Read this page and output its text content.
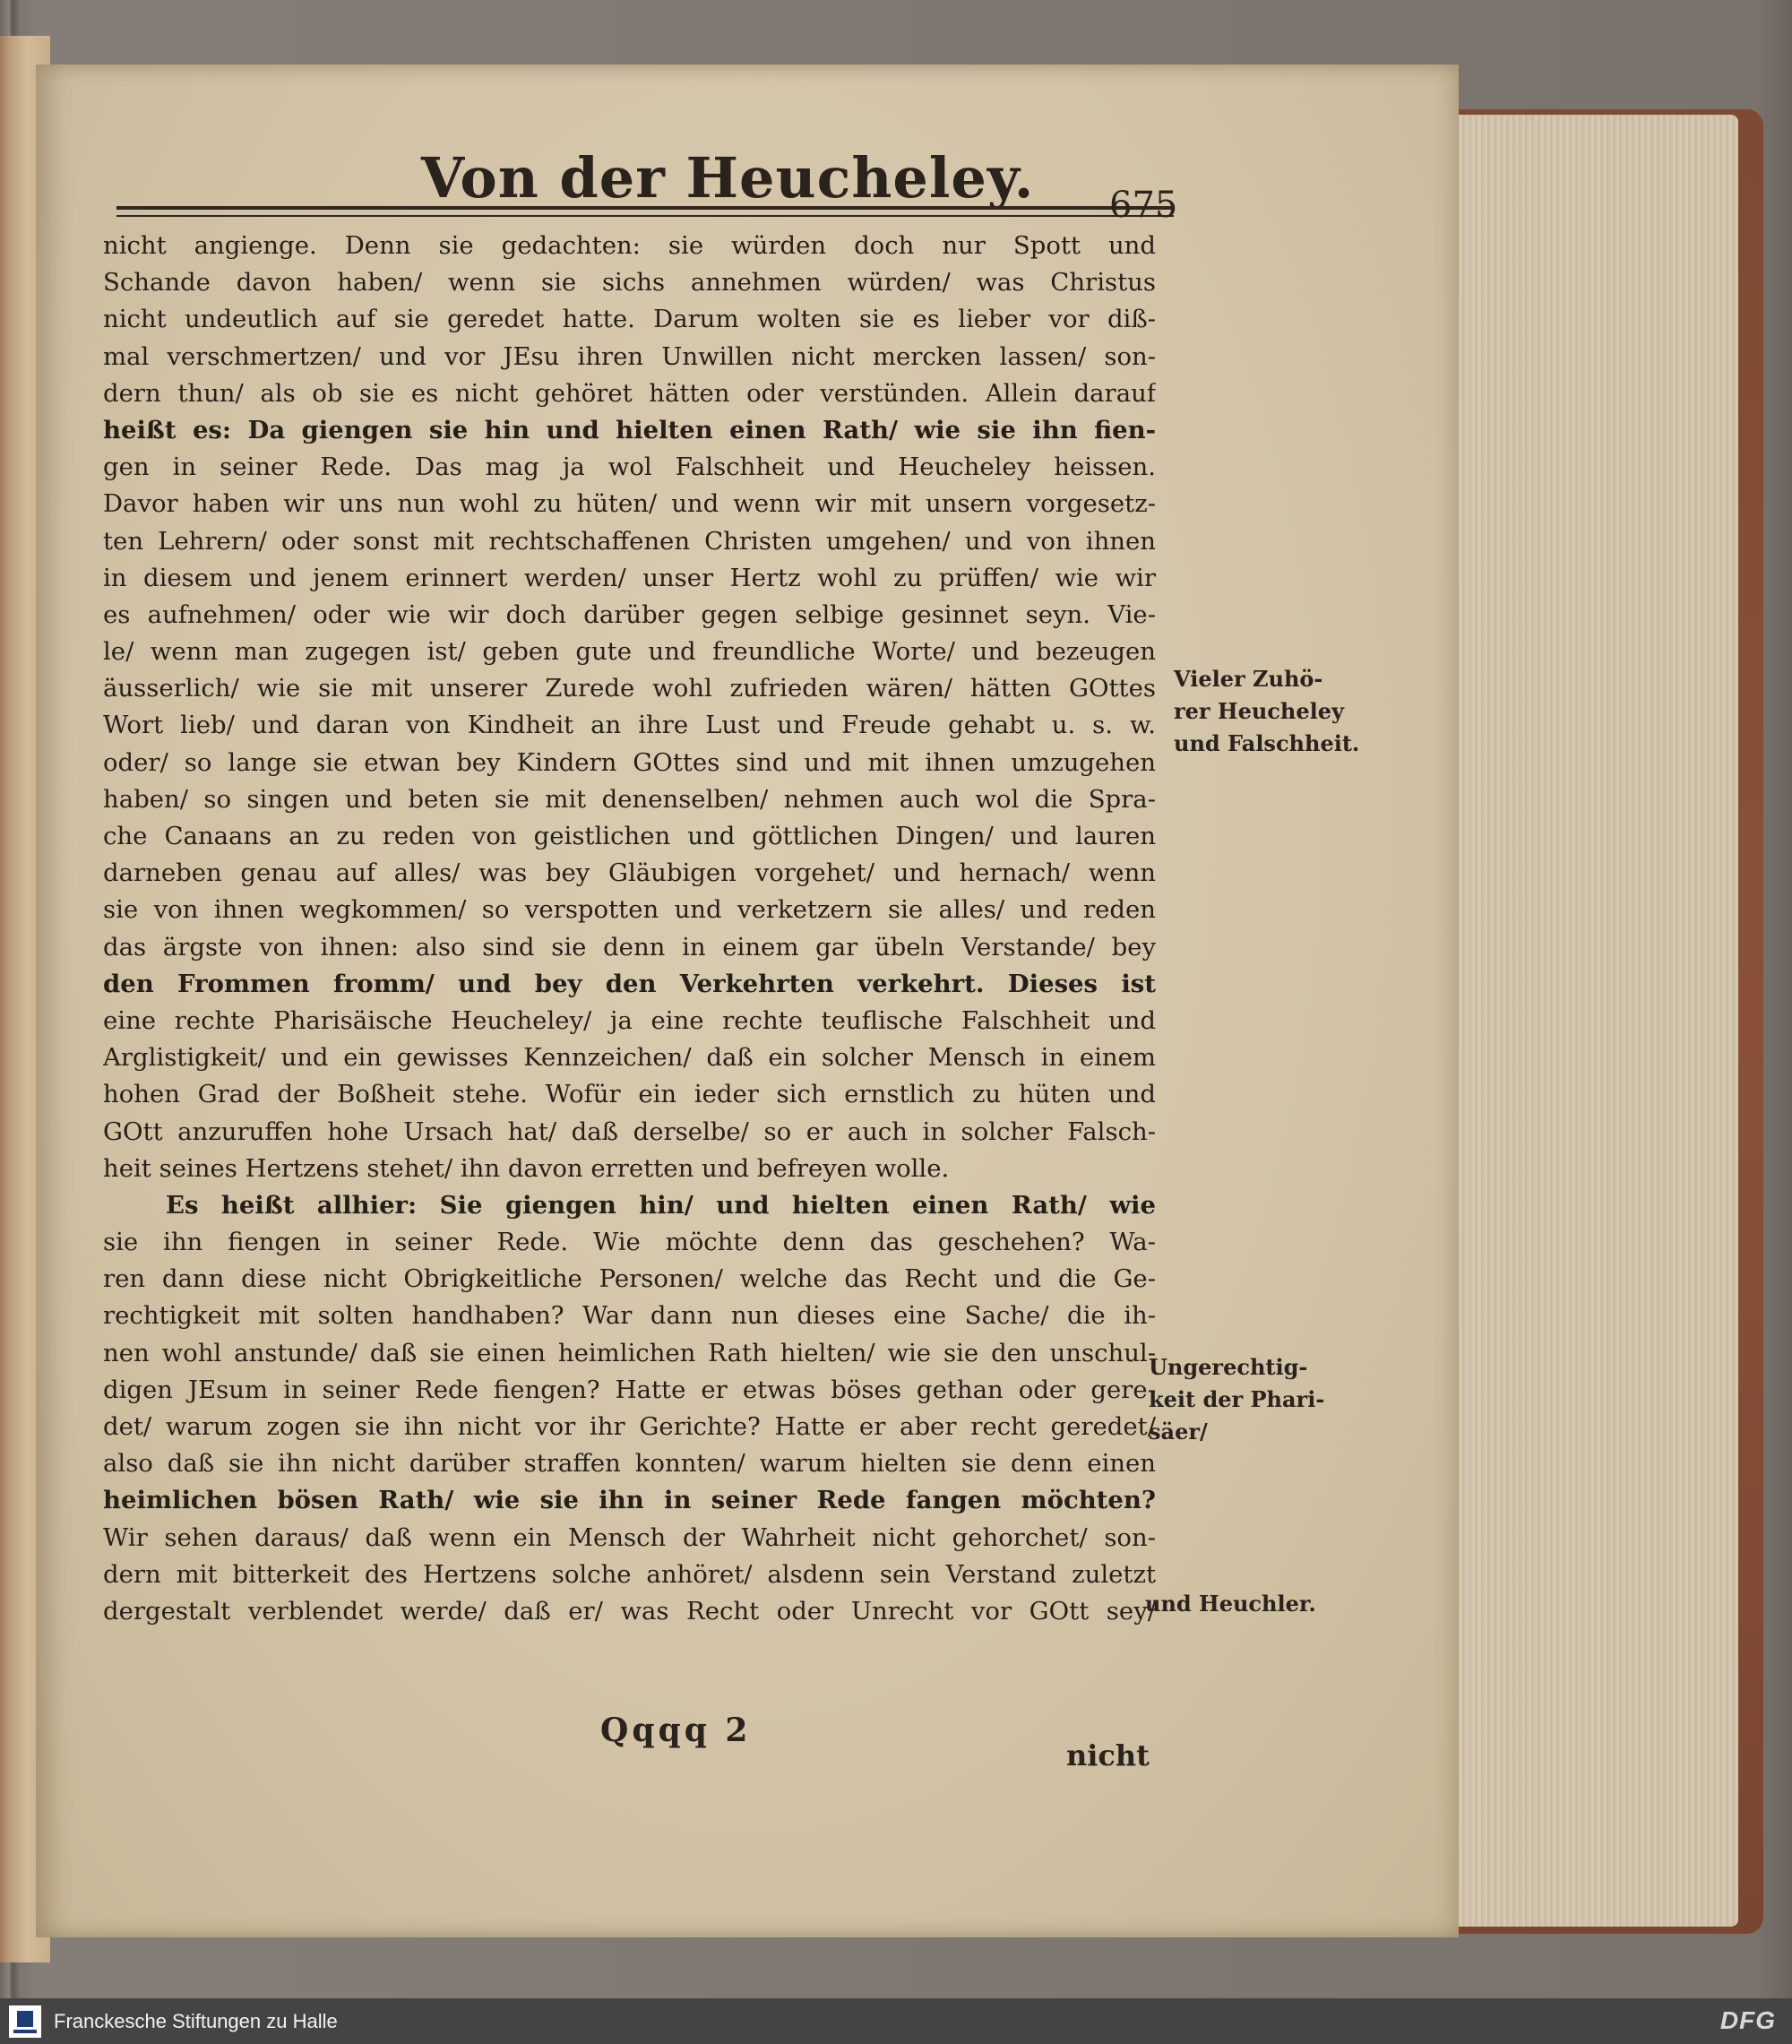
Von der Heucheley. 675
nicht angienge. Denn sie gedachten: sie würden doch nur Spott und
Schande davon haben/ wenn sie sichs annehmen würden/ was Christus
nicht undeutlich auf sie geredet hatte. Darum wolten sie es lieber vor diß-
mal verschmertzen/ und vor JEsu ihren Unwillen nicht mercken lassen/ son-
dern thun/ als ob sie es nicht gehöret hätten oder verstünden. Allein darauf
heißt es: Da giengen sie hin und hielten einen Rath/ wie sie ihn fien-
gen in seiner Rede. Das mag ja wol Falschheit und Heucheley heissen.
Davor haben wir uns nun wohl zu hüten/ und wenn wir mit unsern vorgesetz-
ten Lehrern/ oder sonst mit rechtschaffenen Christen umgehen/ und von ihnen
in diesem und jenem erinnert werden/ unser Hertz wohl zu prüffen/ wie wir
es aufnehmen/ oder wie wir doch darüber gegen selbige gesinnet seyn. Vie-
le/ wenn man zugegen ist/ geben gute und freundliche Worte/ und bezeugen
äusserlich/ wie sie mit unserer Zurede wohl zufrieden wären/ hätten GOttes
Wort lieb/ und daran von Kindheit an ihre Lust und Freude gehabt u. s. w.
oder/ so lange sie etwan bey Kindern GOttes sind und mit ihnen umzugehen
haben/ so singen und beten sie mit denenselben/ nehmen auch wol die Spra-
che Canaans an zu reden von geistlichen und göttlichen Dingen/ und lauren
darneben genau auf alles/ was bey Gläubigen vorgehet/ und hernach/ wenn
sie von ihnen wegkommen/ so verspotten und verketzern sie alles/ und reden
das ärgste von ihnen: also sind sie denn in einem gar übeln Verstande/ bey
den Frommen fromm/ und bey den Verkehrten verkehrt. Dieses ist
eine rechte Pharisäische Heucheley/ ja eine rechte teuflische Falschheit und
Arglistigkeit/ und ein gewisses Kennzeichen/ daß ein solcher Mensch in einem
hohen Grad der Boßheit stehe. Wofür ein ieder sich ernstlich zu hüten und
GOtt anzuruffen hohe Ursach hat/ daß derselbe/ so er auch in solcher Falsch-
heit seines Hertzens stehet/ ihn davon erretten und befreyen wolle.
Es heißt allhier: Sie giengen hin/ und hielten einen Rath/ wie
sie ihn fiengen in seiner Rede. Wie möchte denn das geschehen? Wa-
ren dann diese nicht Obrigkeitliche Personen/ welche das Recht und die Ge-
rechtigkeit mit solten handhaben? War dann nun dieses eine Sache/ die ih-
nen wohl anstunde/ daß sie einen heimlichen Rath hielten/ wie sie den unschul-
digen JEsum in seiner Rede fiengen? Hatte er etwas böses gethan oder gere-
det/ warum zogen sie ihn nicht vor ihr Gerichte? Hatte er aber recht geredet/
also daß sie ihn nicht darüber straffen konnten/ warum hielten sie denn einen
heimlichen bösen Rath/ wie sie ihn in seiner Rede fangen möchten?
Wir sehen daraus/ daß wenn ein Mensch der Wahrheit nicht gehorchet/ son-
dern mit bitterkeit des Hertzens solche anhöret/ alsdenn sein Verstand zuletzt
dergestalt verblendet werde/ daß er/ was Recht oder Unrecht vor GOtt sey/
Vieler Zuhö-
rer Heucheley
und Falschheit.
Ungerechtig-
keit der Phari-
säer/
und Heuchler.
Qqqq 2
nicht
Franckesche Stiftungen zu Halle	DFG
